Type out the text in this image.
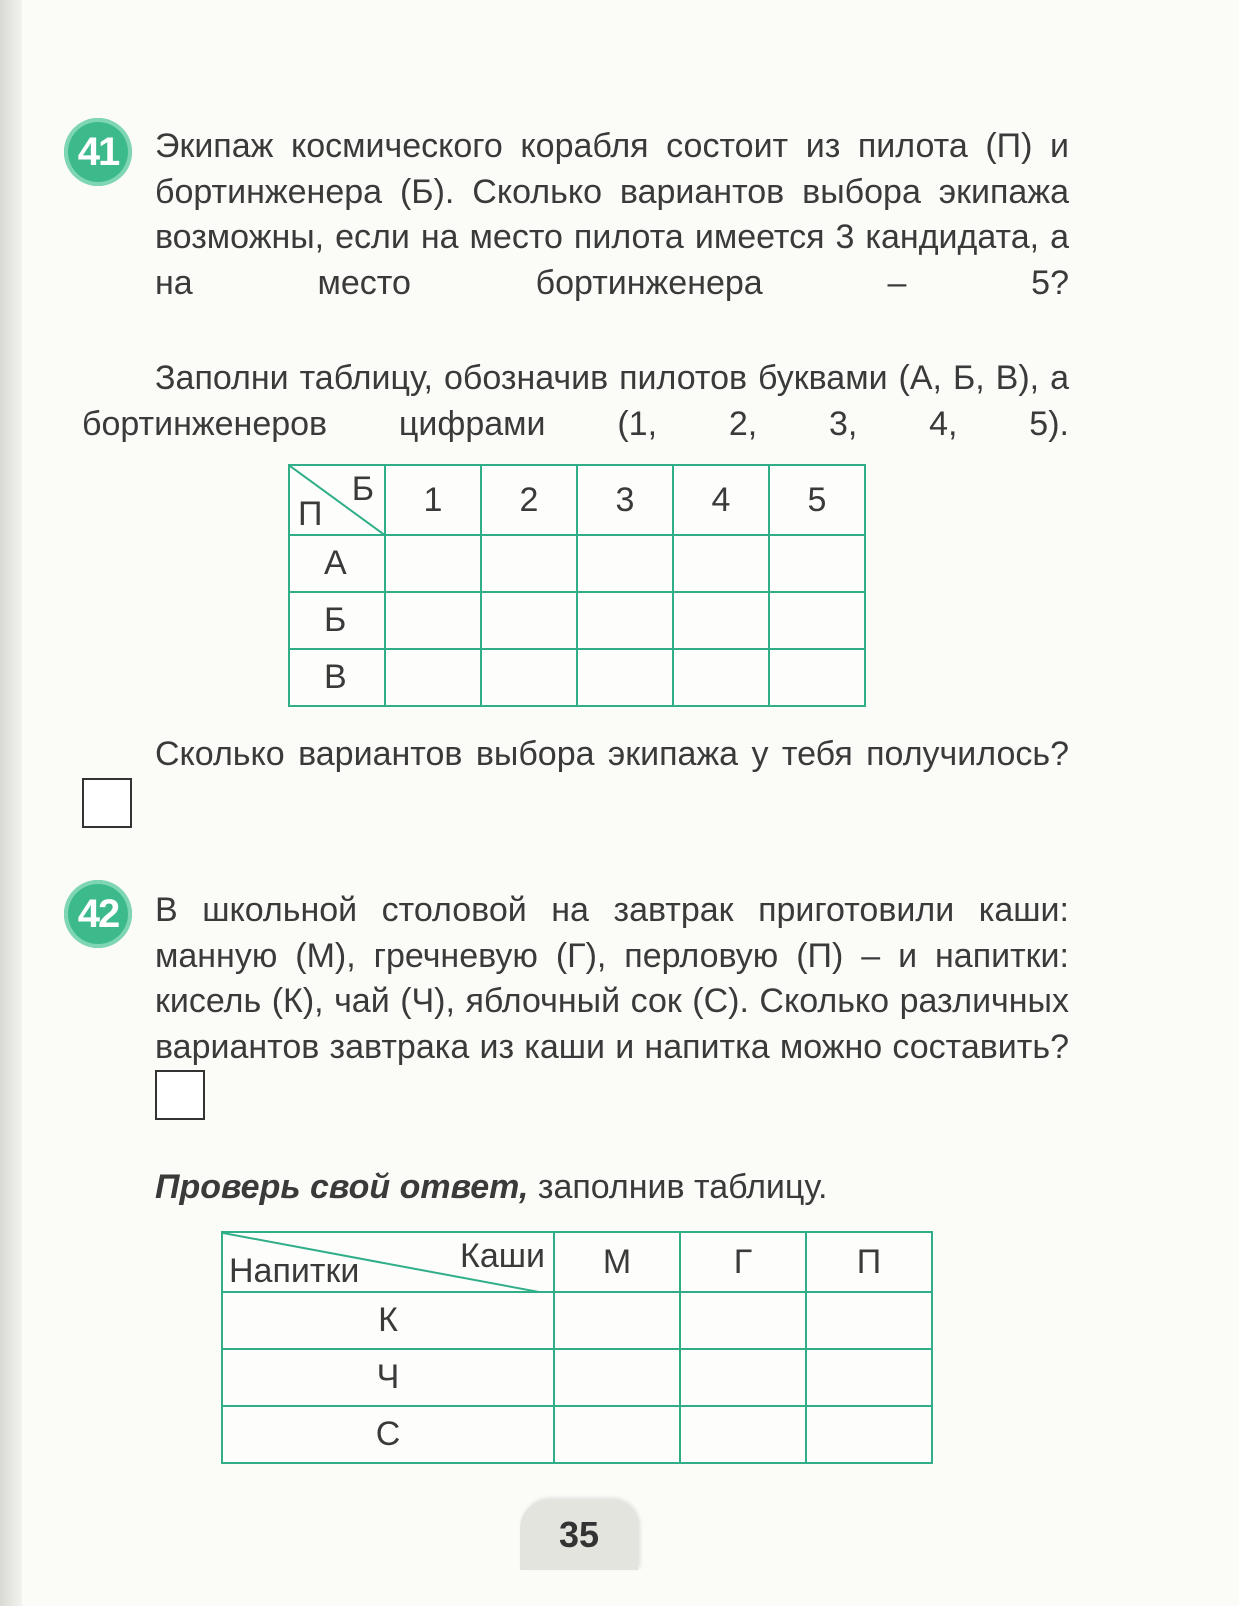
41 Экипаж космического корабля состоит из пилота (П) и бортинженера (Б). Сколько вариантов выбора экипажа возможны, если на место пилота имеется 3 кандидата, а на место бортинженера – 5?

Заполни таблицу, обозначив пилотов буквами (А, Б, В), а бортинженеров цифрами (1, 2, 3, 4, 5).

Б
П	1	2	3	4	5
А					
Б					
В					

Сколько вариантов выбора экипажа у тебя получилось?

42 В школьной столовой на завтрак приготовили каши: манную (М), гречневую (Г), перловую (П) – и напитки: кисель (К), чай (Ч), яблочный сок (С). Сколько различных вариантов завтрака из каши и напитка можно составить?

Проверь свой ответ, заполнив таблицу.

Каши
Напитки	М	Г	П
К			
Ч			
С			
35
